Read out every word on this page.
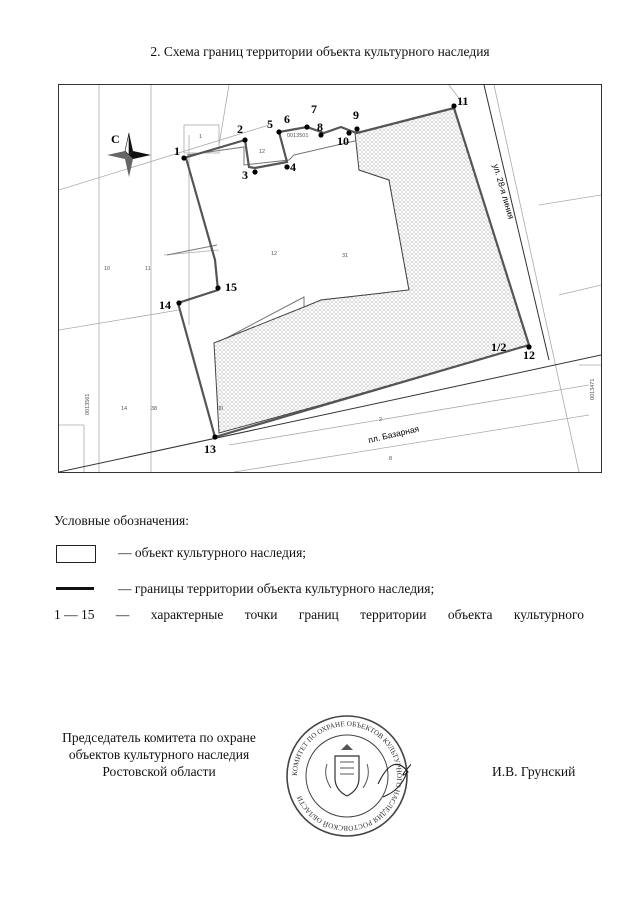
2. Схема границ территории объекта культурного наследия
С
1
2
3
4
15
5 6
7
8
9
10
11
12
13
14
1/2
ул. 28-я линия
пл. Базарная
0013501
0013561
0013471
1
12
31
10	11
14	38
2
00
12
8
Условные обозначения:
— объект культурного наследия;
— границы территории объекта культурного наследия;
1 — 15 — характерные точки границ территории объекта культурного
Председатель комитета по охране объектов культурного наследия Ростовской области	КОМИТЕТ ПО ОХРАНЕ ОБЪЕКТОВ КУЛЬТУРНОГО НАСЛЕДИЯ РОСТОВСКОЙ ОБЛАСТИ
И.В. Грунский
